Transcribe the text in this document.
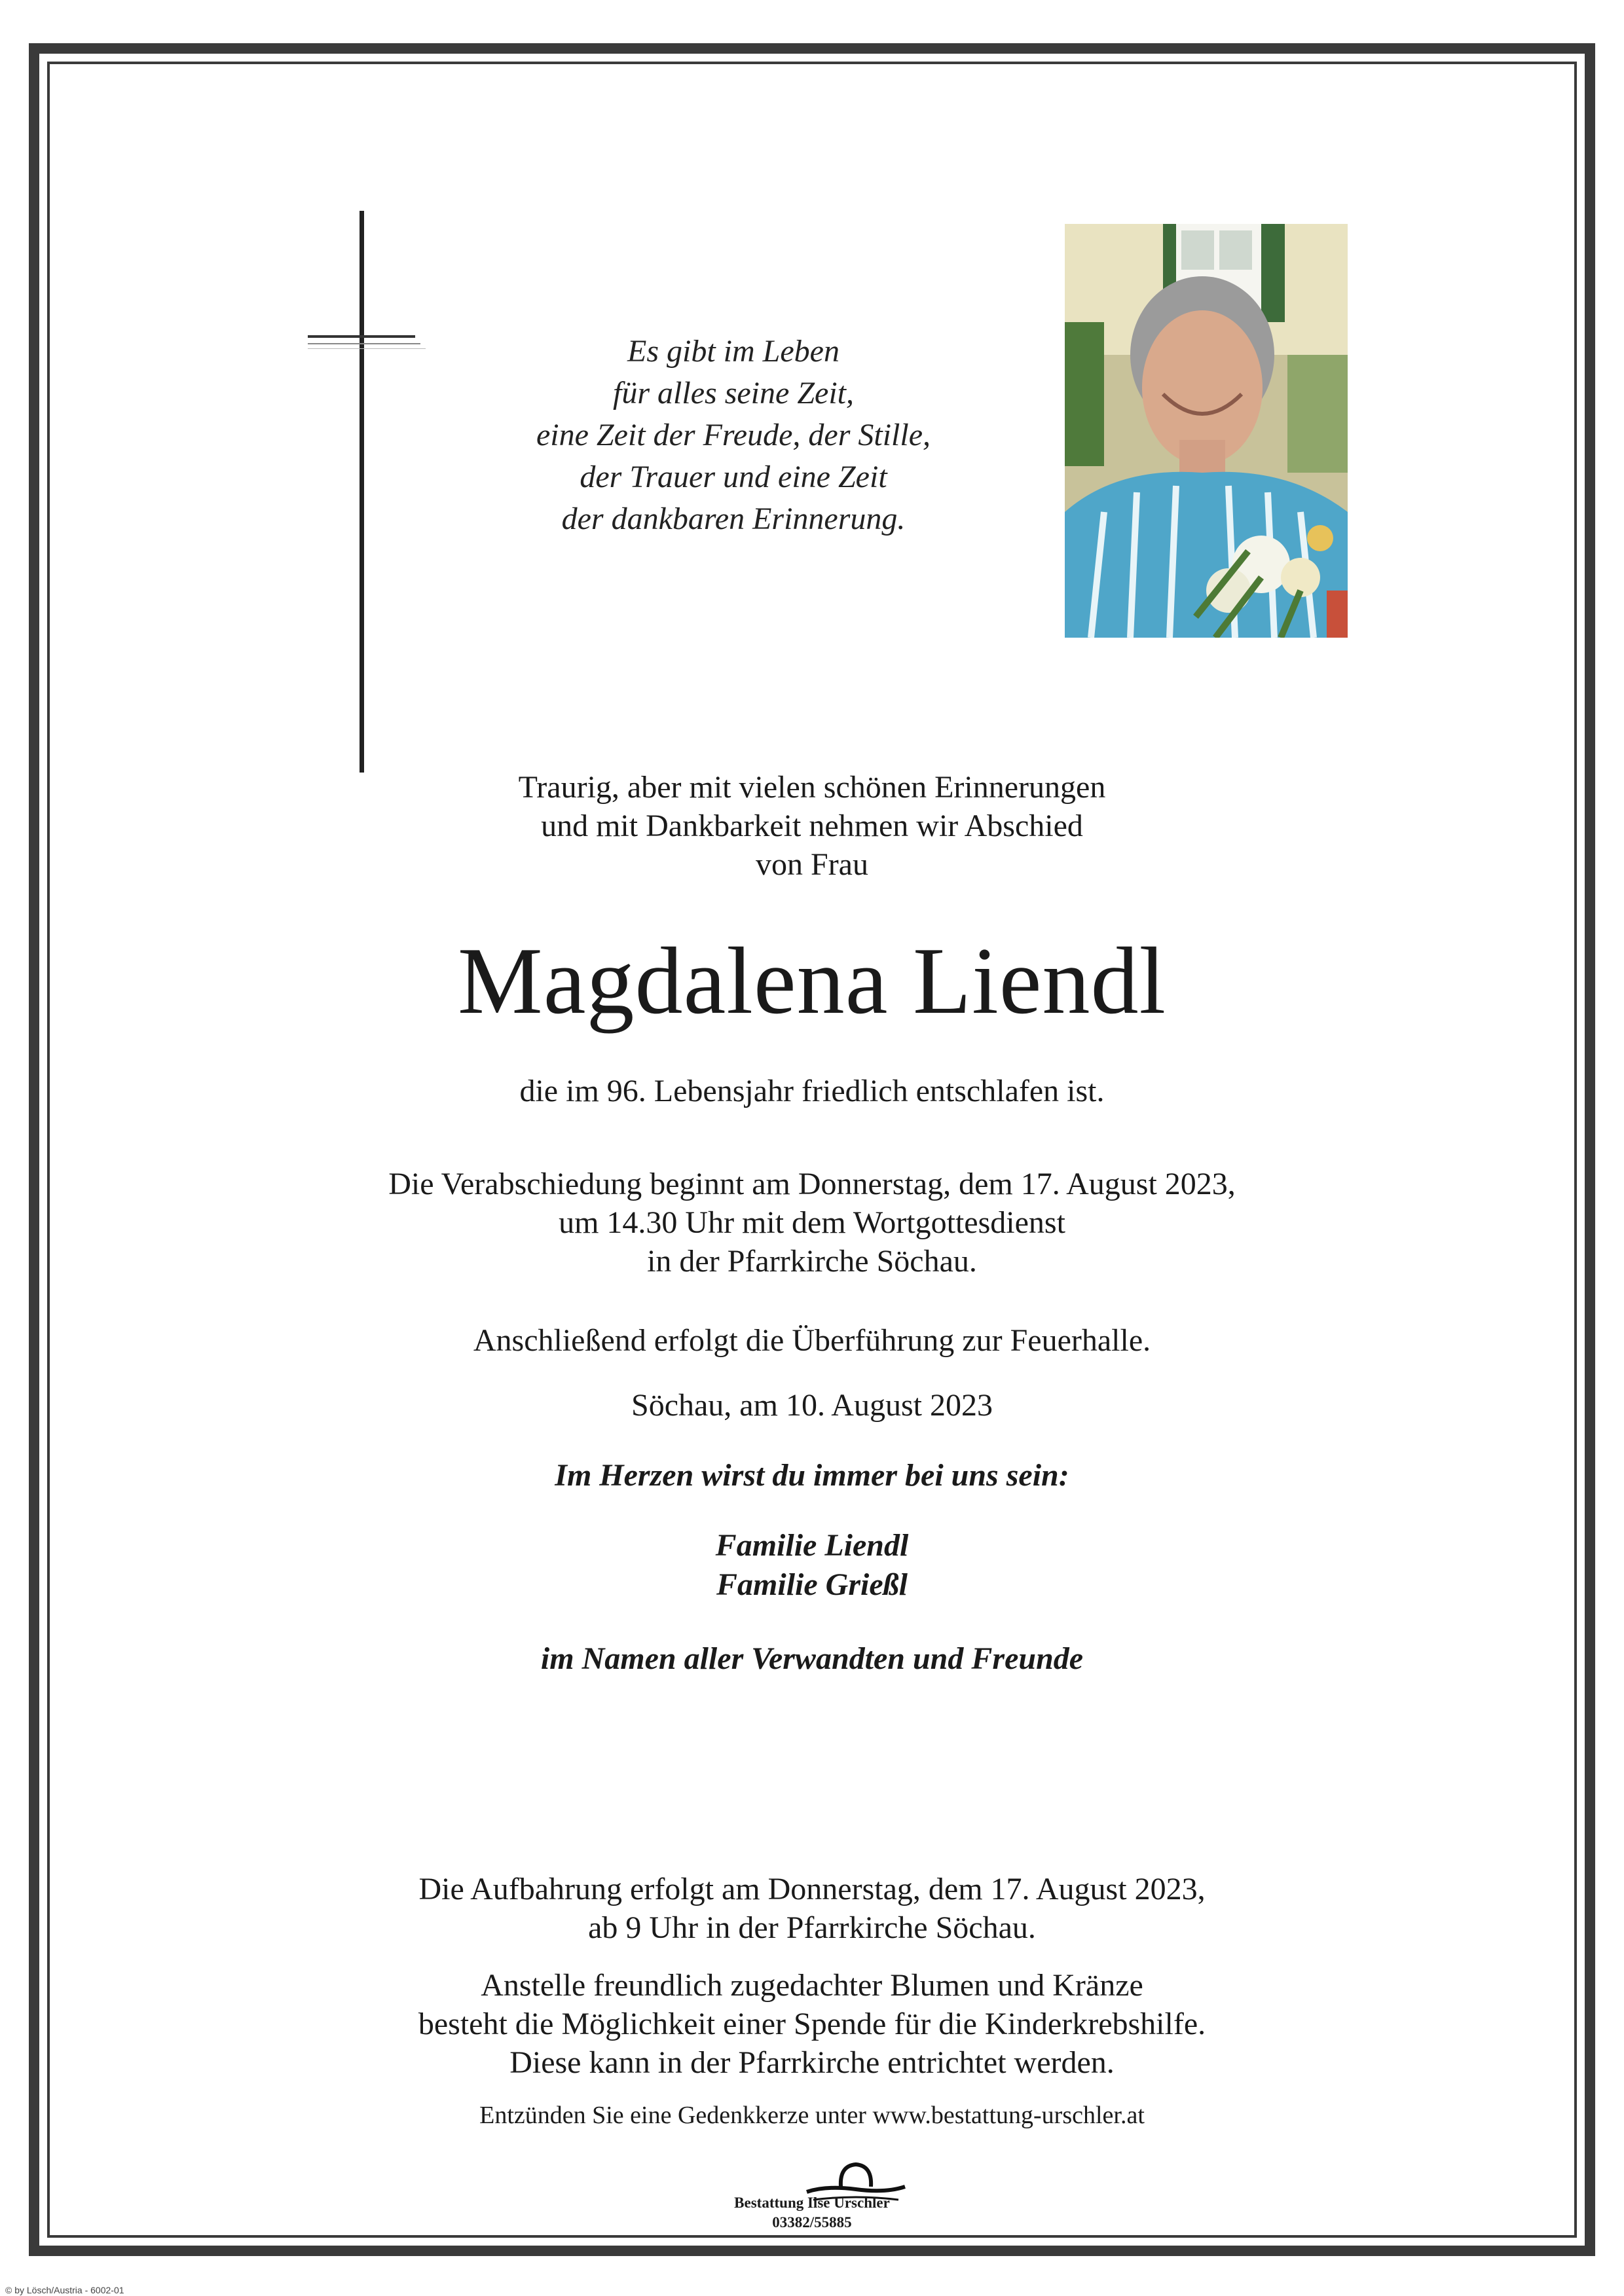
Es gibt im Leben
für alles seine Zeit,
eine Zeit der Freude, der Stille,
der Trauer und eine Zeit
der dankbaren Erinnerung.
Traurig, aber mit vielen schönen Erinnerungen
und mit Dankbarkeit nehmen wir Abschied
von Frau
Magdalena Liendl
die im 96. Lebensjahr friedlich entschlafen ist.
Die Verabschiedung beginnt am Donnerstag, dem 17. August 2023,
um 14.30 Uhr mit dem Wortgottesdienst
in der Pfarrkirche Söchau.
Anschließend erfolgt die Überführung zur Feuerhalle.
Söchau, am 10. August 2023
Im Herzen wirst du immer bei uns sein:
Familie Liendl
Familie Grießl
im Namen aller Verwandten und Freunde
Die Aufbahrung erfolgt am Donnerstag, dem 17. August 2023,
ab 9 Uhr in der Pfarrkirche Söchau.
Anstelle freundlich zugedachter Blumen und Kränze
besteht die Möglichkeit einer Spende für die Kinderkrebshilfe.
Diese kann in der Pfarrkirche entrichtet werden.
Entzünden Sie eine Gedenkkerze unter www.bestattung-urschler.at
Bestattung Ilse Urschler
03382/55885
© by Lösch/Austria - 6002-01
